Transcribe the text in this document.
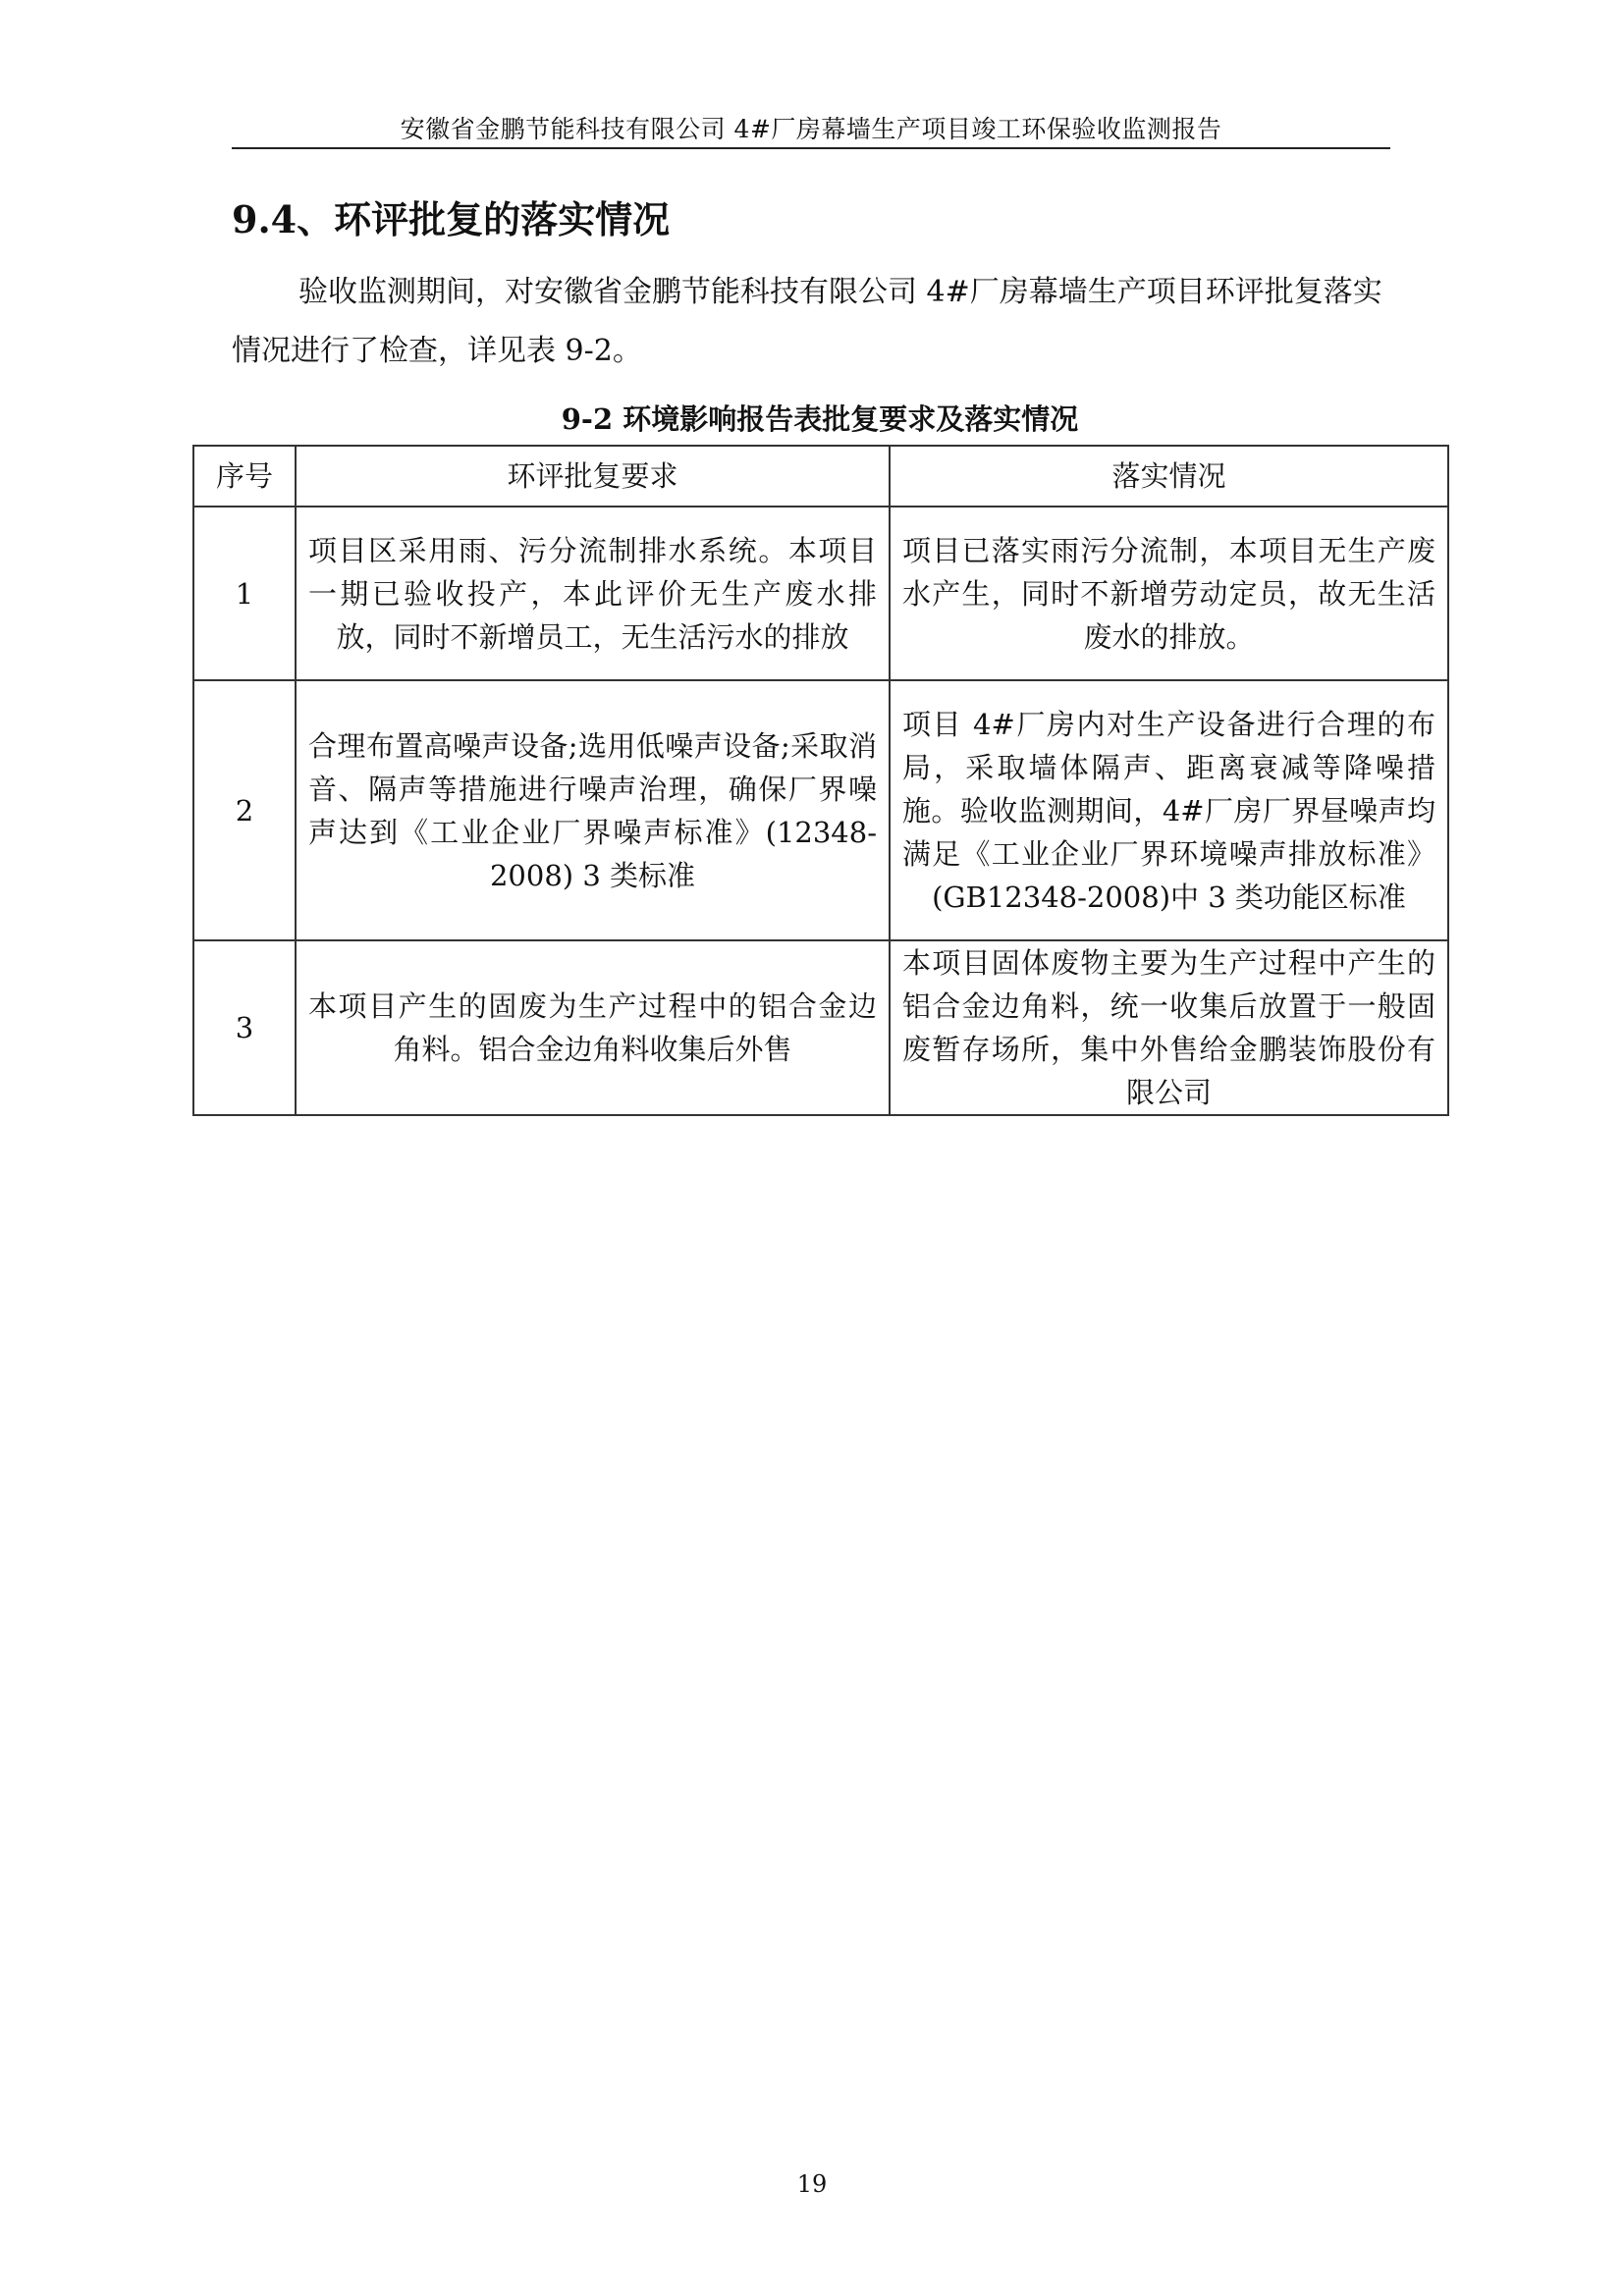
安徽省金鹏节能科技有限公司 4#厂房幕墙生产项目竣工环保验收监测报告
9.4、环评批复的落实情况

验收监测期间，对安徽省金鹏节能科技有限公司 4#厂房幕墙生产项目环评批复落实情况进行了检查，详见表 9-2。

9-2 环境影响报告表批复要求及落实情况
序号	环评批复要求	落实情况
1	项目区采用雨、污分流制排水系统。本项目一期已验收投产，本此评价无生产废水排放，同时不新增员工，无生活污水的排放	项目已落实雨污分流制，本项目无生产废水产生，同时不新增劳动定员，故无生活废水的排放。
2	合理布置高噪声设备;选用低噪声设备;采取消音、隔声等措施进行噪声治理，确保厂界噪声达到《工业企业厂界噪声标准》(12348-2008) 3 类标准	项目 4#厂房内对生产设备进行合理的布局，采取墙体隔声、距离衰减等降噪措施。验收监测期间，4#厂房厂界昼噪声均满足《工业企业厂界环境噪声排放标准》(GB12348-2008)中 3 类功能区标准
3	本项目产生的固废为生产过程中的铝合金边角料。铝合金边角料收集后外售	本项目固体废物主要为生产过程中产生的铝合金边角料，统一收集后放置于一般固废暂存场所，集中外售给金鹏装饰股份有限公司
19
